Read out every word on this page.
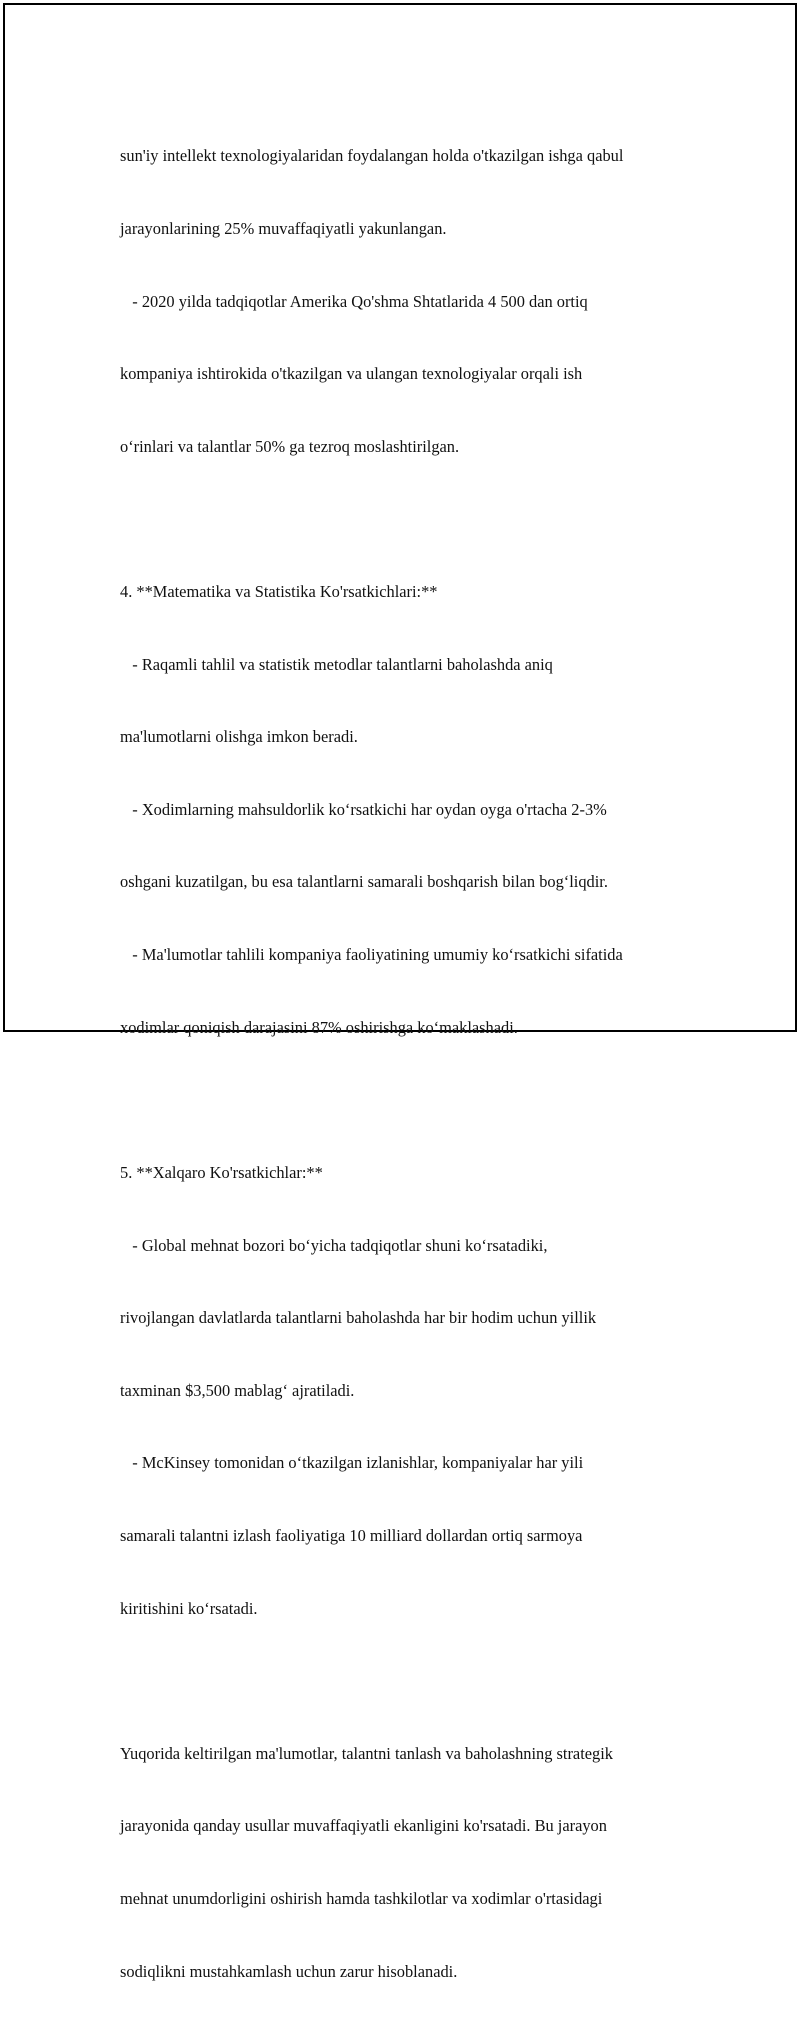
sun'iy intellekt texnologiyalaridan foydalangan holda o'tkazilgan ishga qabul

jarayonlarining 25% muvaffaqiyatli yakunlangan.

- 2020 yilda tadqiqotlar Amerika Qo'shma Shtatlarida 4 500 dan ortiq

kompaniya ishtirokida o'tkazilgan va ulangan texnologiyalar orqali ish

o‘rinlari va talantlar 50% ga tezroq moslashtirilgan.

4. **Matematika va Statistika Ko'rsatkichlari:**

- Raqamli tahlil va statistik metodlar talantlarni baholashda aniq

ma'lumotlarni olishga imkon beradi.

- Xodimlarning mahsuldorlik ko‘rsatkichi har oydan oyga o'rtacha 2-3%

oshgani kuzatilgan, bu esa talantlarni samarali boshqarish bilan bog‘liqdir.

- Ma'lumotlar tahlili kompaniya faoliyatining umumiy ko‘rsatkichi sifatida

xodimlar qoniqish darajasini 87% oshirishga ko‘maklashadi.

5. **Xalqaro Ko'rsatkichlar:**

- Global mehnat bozori bo‘yicha tadqiqotlar shuni ko‘rsatadiki,

rivojlangan davlatlarda talantlarni baholashda har bir hodim uchun yillik

taxminan $3,500 mablag‘ ajratiladi.

- McKinsey tomonidan o‘tkazilgan izlanishlar, kompaniyalar har yili

samarali talantni izlash faoliyatiga 10 milliard dollardan ortiq sarmoya

kiritishini ko‘rsatadi.

Yuqorida keltirilgan ma'lumotlar, talantni tanlash va baholashning strategik

jarayonida qanday usullar muvaffaqiyatli ekanligini ko'rsatadi. Bu jarayon

mehnat unumdorligini oshirish hamda tashkilotlar va xodimlar o'rtasidagi

sodiqlikni mustahkamlash uchun zarur hisoblanadi.
